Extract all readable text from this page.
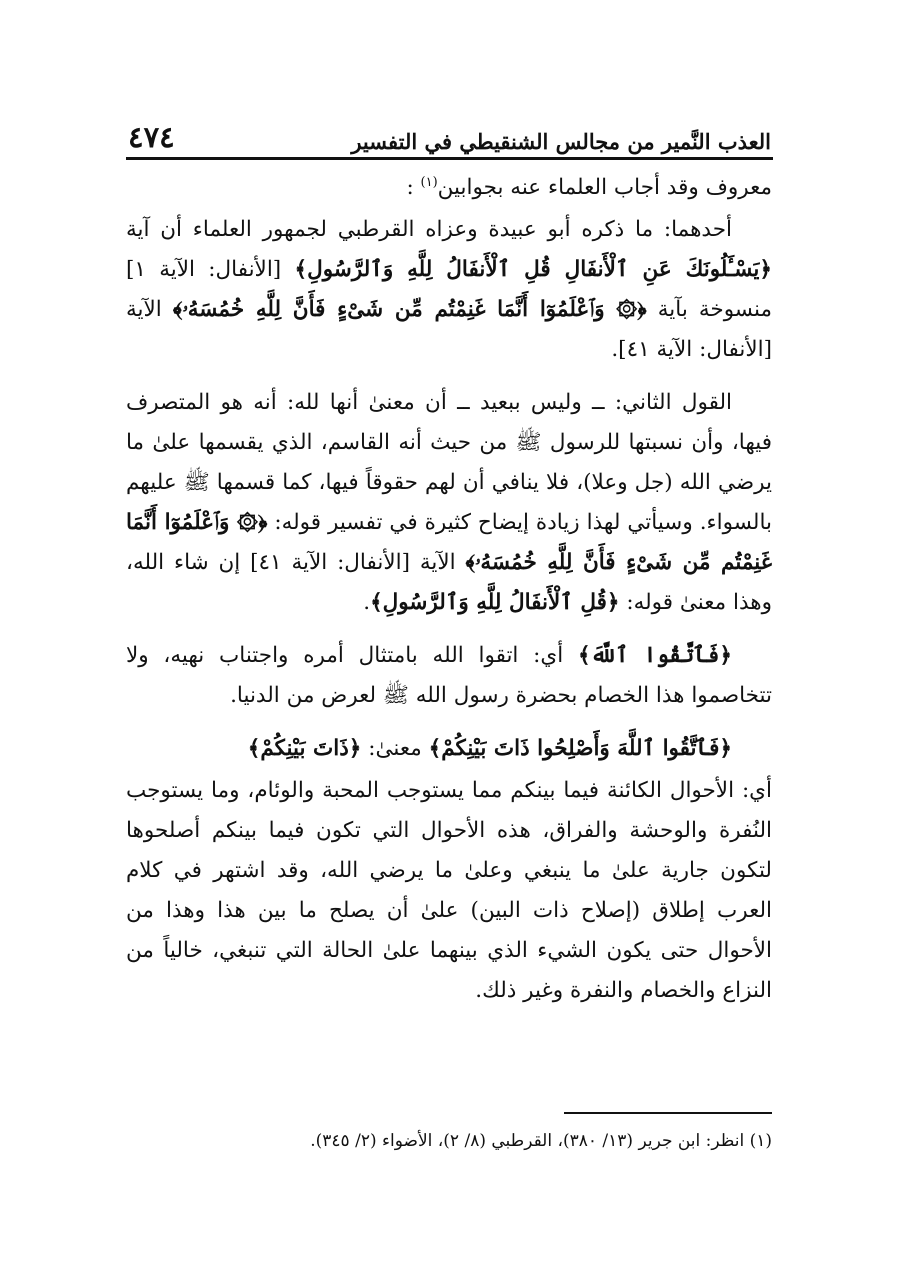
العذب النَّمير من مجالس الشنقيطي في التفسير
٤٧٤

معروف وقد أجاب العلماء عنه بجوابين$^{(١)}$ :

أحدهما: ما ذكره أبو عبيدة وعزاه القرطبي لجمهور العلماء أن آية ﴿يَسْـَٔلُونَكَ عَنِ ٱلْأَنفَالِ قُلِ ٱلْأَنفَالُ لِلَّهِ وَٱلرَّسُولِ﴾ [الأنفال: الآية ١] منسوخة بآية ﴿۞ وَٱعْلَمُوٓا أَنَّمَا غَنِمْتُم مِّن شَىْءٍ فَأَنَّ لِلَّهِ خُمُسَهُۥ﴾ الآية [الأنفال: الآية ٤١].

القول الثاني: ــ وليس ببعيد ــ أن معنىٰ أنها لله: أنه هو المتصرف فيها، وأن نسبتها للرسول ﷺ من حيث أنه القاسم، الذي يقسمها علىٰ ما يرضي الله (جل وعلا)، فلا ينافي أن لهم حقوقاً فيها، كما قسمها ﷺ عليهم بالسواء. وسيأتي لهذا زيادة إيضاح كثيرة في تفسير قوله: ﴿۞ وَٱعْلَمُوٓا أَنَّمَا غَنِمْتُم مِّن شَىْءٍ فَأَنَّ لِلَّهِ خُمُسَهُۥ﴾ الآية [الأنفال: الآية ٤١] إن شاء الله، وهذا معنىٰ قوله: ﴿قُلِ ٱلْأَنفَالُ لِلَّهِ وَٱلرَّسُولِ﴾.

﴿فَٱتَّقُوا ٱللَّهَ﴾ أي: اتقوا الله بامتثال أمره واجتناب نهيه، ولا تتخاصموا هذا الخصام بحضرة رسول الله ﷺ لعرض من الدنيا.

﴿فَٱتَّقُوا ٱللَّهَ وَأَصْلِحُوا ذَاتَ بَيْنِكُمْ﴾ معنىٰ: ﴿ذَاتَ بَيْنِكُمْ﴾

أي: الأحوال الكائنة فيما بينكم مما يستوجب المحبة والوئام، وما يستوجب النُفرة والوحشة والفراق، هذه الأحوال التي تكون فيما بينكم أصلحوها لتكون جارية علىٰ ما ينبغي وعلىٰ ما يرضي الله، وقد اشتهر في كلام العرب إطلاق (إصلاح ذات البين) علىٰ أن يصلح ما بين هذا وهذا من الأحوال حتى يكون الشيء الذي بينهما علىٰ الحالة التي تنبغي، خالياً من النزاع والخصام والنفرة وغير ذلك.

(١) انظر: ابن جرير (١٣/ ٣٨٠)، القرطبي (٨/ ٢)، الأضواء (٢/ ٣٤٥).
